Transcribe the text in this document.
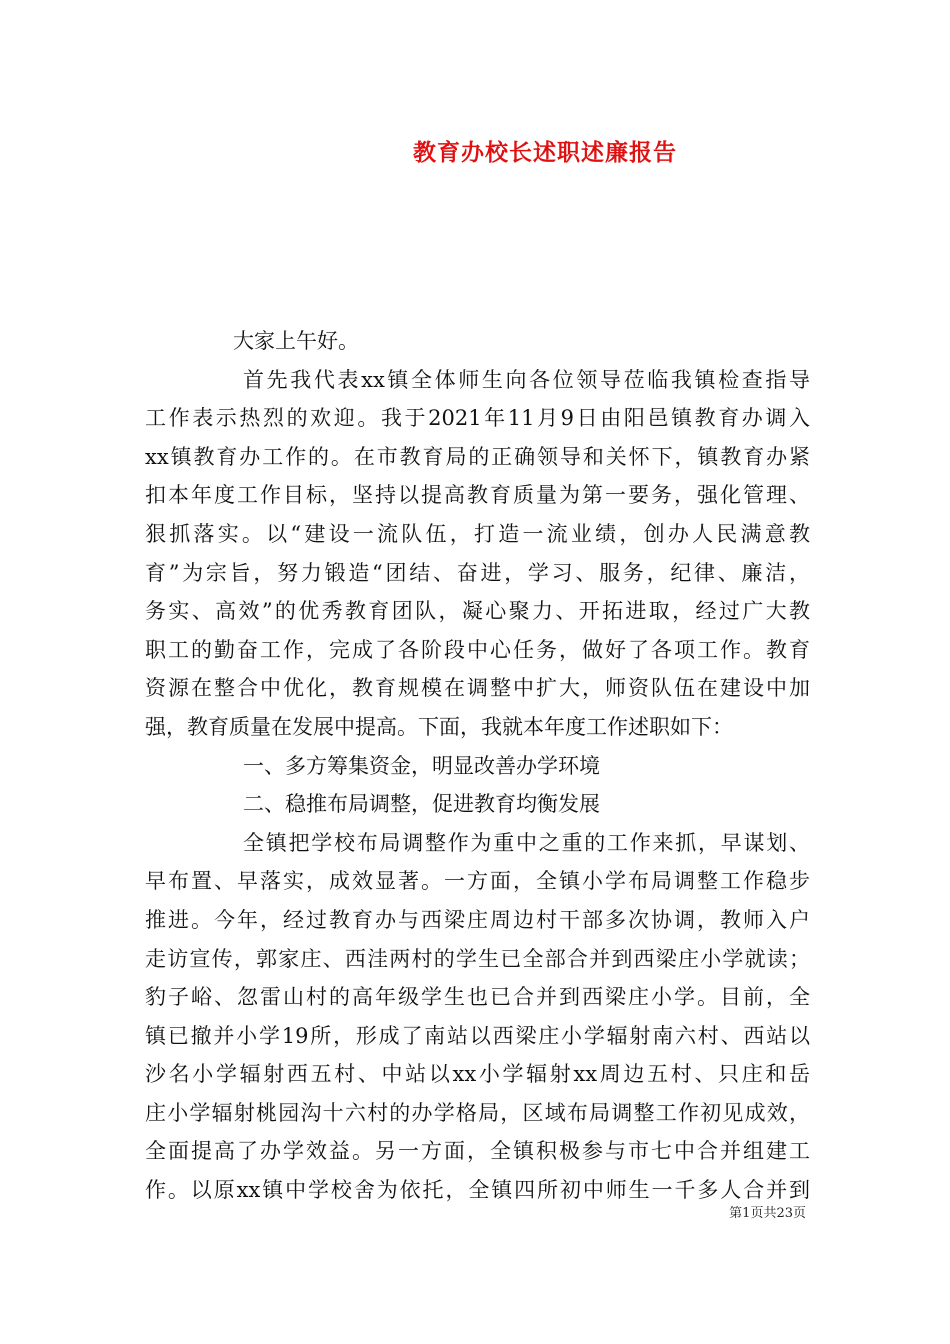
教育办校长述职述廉报告
大家上午好。
首先我代表xx镇全体师生向各位领导莅临我镇检查指导
工作表示热烈的欢迎。我于2021年11月9日由阳邑镇教育办调入
xx镇教育办工作的。在市教育局的正确领导和关怀下，镇教育办紧
扣本年度工作目标，坚持以提高教育质量为第一要务，强化管理、
狠抓落实。以“建设一流队伍，打造一流业绩，创办人民满意教
育”为宗旨，努力锻造“团结、奋进，学习、服务，纪律、廉洁，
务实、高效”的优秀教育团队，凝心聚力、开拓进取，经过广大教
职工的勤奋工作，完成了各阶段中心任务，做好了各项工作。教育
资源在整合中优化，教育规模在调整中扩大，师资队伍在建设中加
强，教育质量在发展中提高。下面，我就本年度工作述职如下：
一、多方筹集资金，明显改善办学环境
二、稳推布局调整，促进教育均衡发展
全镇把学校布局调整作为重中之重的工作来抓，早谋划、
早布置、早落实，成效显著。一方面，全镇小学布局调整工作稳步
推进。今年，经过教育办与西梁庄周边村干部多次协调，教师入户
走访宣传，郭家庄、西洼两村的学生已全部合并到西梁庄小学就读；
豹子峪、忽雷山村的高年级学生也已合并到西梁庄小学。目前，全
镇已撤并小学19所，形成了南站以西梁庄小学辐射南六村、西站以
沙名小学辐射西五村、中站以xx小学辐射xx周边五村、只庄和岳
庄小学辐射桃园沟十六村的办学格局，区域布局调整工作初见成效，
全面提高了办学效益。另一方面，全镇积极参与市七中合并组建工
作。以原xx镇中学校舍为依托，全镇四所初中师生一千多人合并到
第1页共23页
